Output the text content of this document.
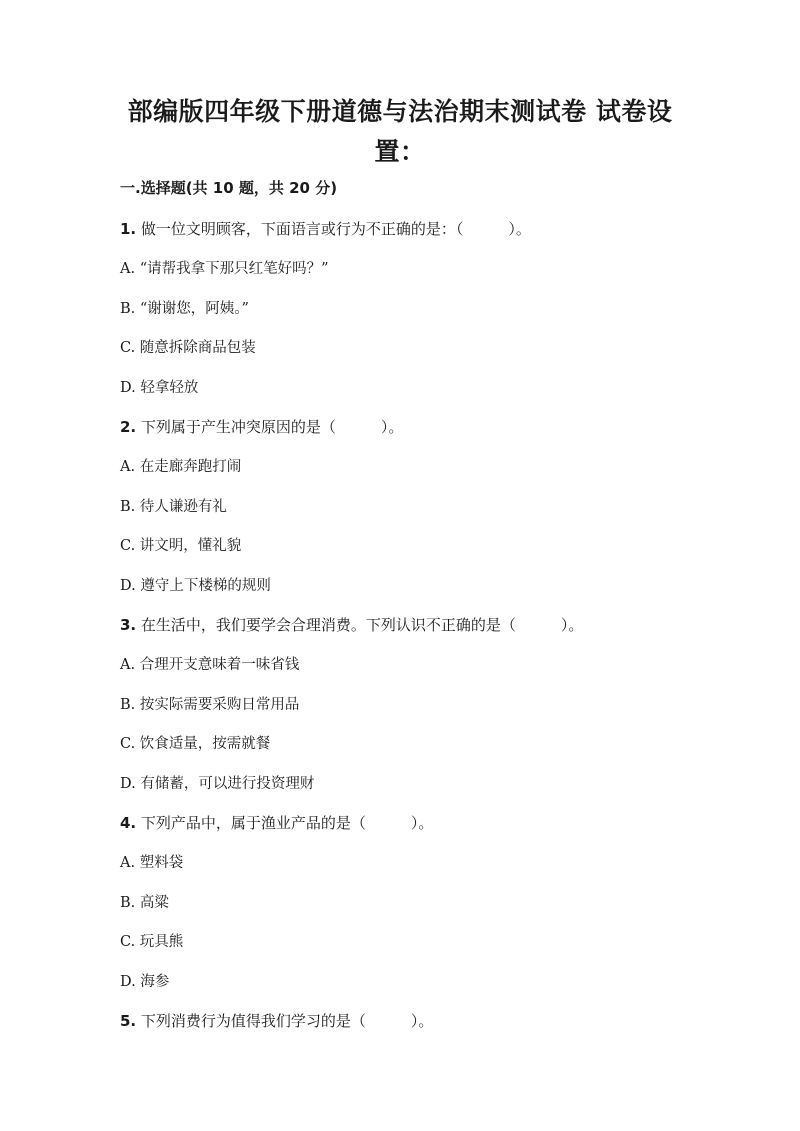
部编版四年级下册道德与法治期末测试卷 试卷设
置：
一.选择题(共 10 题，共 20 分)
1. 做一位文明顾客，下面语言或行为不正确的是：（　　　）。
A. “请帮我拿下那只红笔好吗？”
B. “谢谢您，阿姨。”
C. 随意拆除商品包装
D. 轻拿轻放
2. 下列属于产生冲突原因的是（　　　）。
A. 在走廊奔跑打闹
B. 待人谦逊有礼
C. 讲文明，懂礼貌
D. 遵守上下楼梯的规则
3. 在生活中，我们要学会合理消费。下列认识不正确的是（　　　）。
A. 合理开支意味着一味省钱
B. 按实际需要采购日常用品
C. 饮食适量，按需就餐
D. 有储蓄，可以进行投资理财
4. 下列产品中，属于渔业产品的是（　　　）。
A. 塑料袋
B. 高粱
C. 玩具熊
D. 海参
5. 下列消费行为值得我们学习的是（　　　）。
